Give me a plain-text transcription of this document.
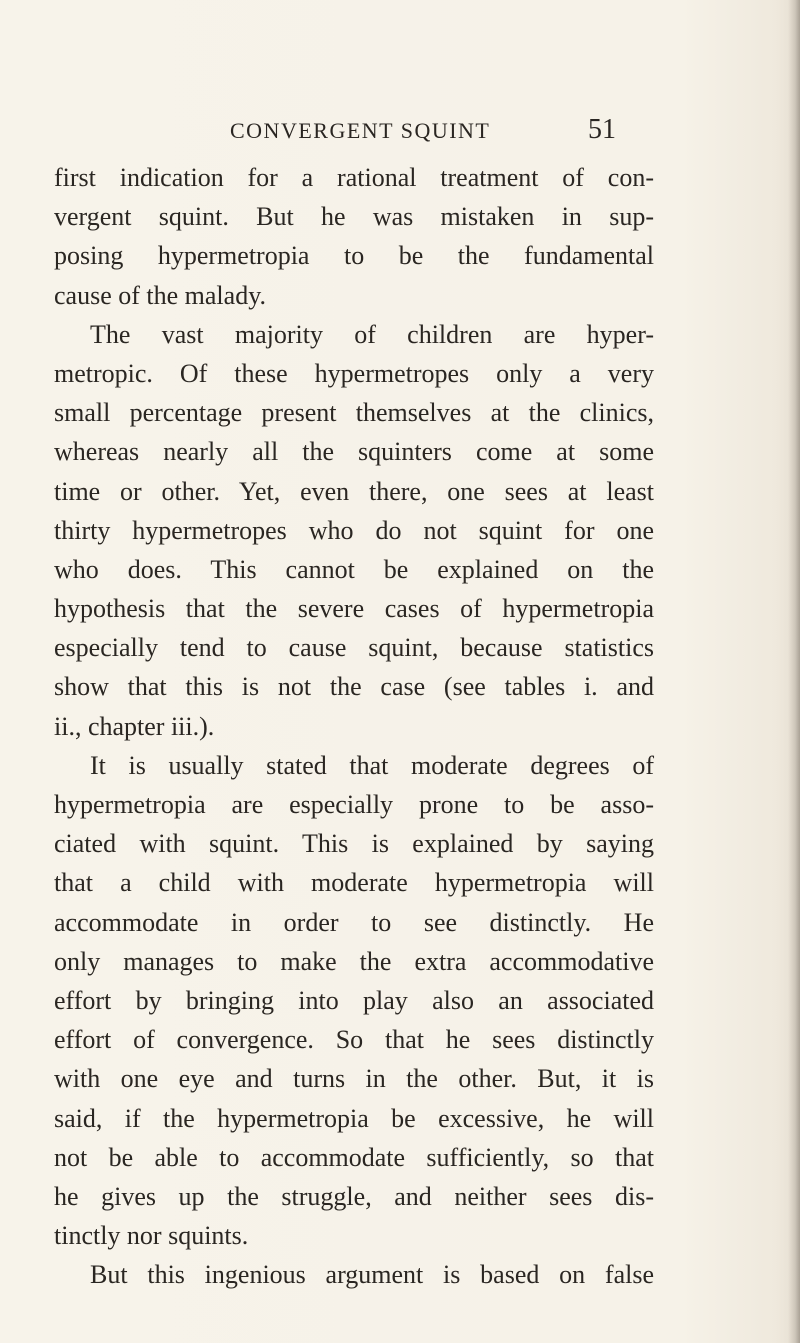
CONVERGENT SQUINT	51
first indication for a rational treatment of con-
vergent squint. But he was mistaken in sup-
posing hypermetropia to be the fundamental
cause of the malady.
The vast majority of children are hyper-
metropic. Of these hypermetropes only a very
small percentage present themselves at the clinics,
whereas nearly all the squinters come at some
time or other. Yet, even there, one sees at least
thirty hypermetropes who do not squint for one
who does. This cannot be explained on the
hypothesis that the severe cases of hypermetropia
especially tend to cause squint, because statistics
show that this is not the case (see tables i. and
ii., chapter iii.).
It is usually stated that moderate degrees of
hypermetropia are especially prone to be asso-
ciated with squint. This is explained by saying
that a child with moderate hypermetropia will
accommodate in order to see distinctly. He
only manages to make the extra accommodative
effort by bringing into play also an associated
effort of convergence. So that he sees distinctly
with one eye and turns in the other. But, it is
said, if the hypermetropia be excessive, he will
not be able to accommodate sufficiently, so that
he gives up the struggle, and neither sees dis-
tinctly nor squints.
But this ingenious argument is based on false
